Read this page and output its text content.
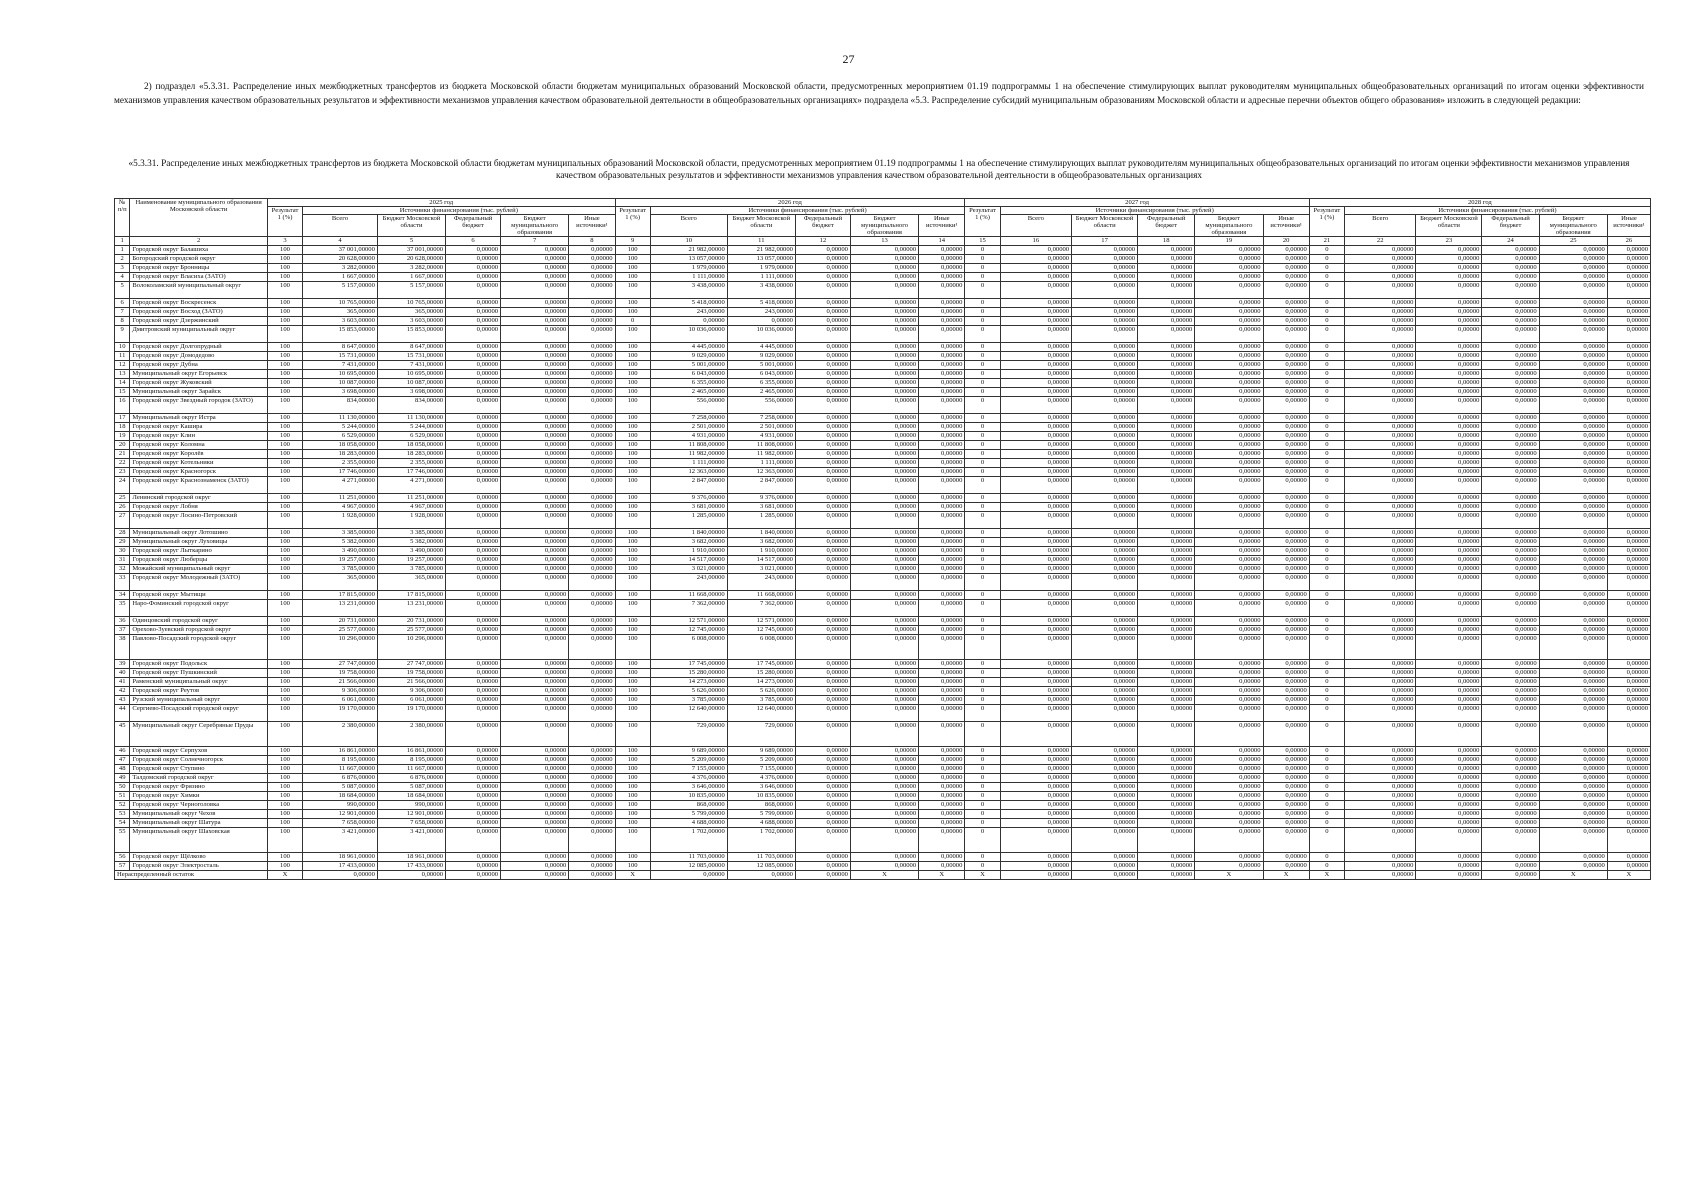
27
2) подраздел «5.3.31. Распределение иных межбюджетных трансфертов из бюджета Московской области бюджетам муниципальных образований Московской области, предусмотренных мероприятием 01.19 подпрограммы 1 на обеспечение стимулирующих выплат руководителям муниципальных общеобразовательных организаций по итогам оценки эффективности механизмов управления качеством образовательных результатов и эффективности механизмов управления качеством образовательной деятельности в общеобразовательных организациях» подраздела «5.3. Распределение субсидий муниципальным образованиям Московской области и адресные перечни объектов общего образования» изложить в следующей редакции:
«5.3.31. Распределение иных межбюджетных трансфертов из бюджета Московской области бюджетам муниципальных образований Московской области, предусмотренных мероприятием 01.19 подпрограммы 1 на обеспечение стимулирующих выплат руководителям муниципальных общеобразовательных организаций по итогам оценки эффективности механизмов управления качеством образовательных результатов и эффективности механизмов управления качеством образовательной деятельности в общеобразовательных организациях
№ п/п	Наименование муниципального образования Московской области	2025 год						2026 год						2027 год						2028 год					
		Результат 1 (%)	Источники финансирования (тыс. рублей)					Результат 1 (%)	Источники финансирования (тыс. рублей)					Результат 1 (%)	Источники финансирования (тыс. рублей)					Результат 1 (%)	Источники финансирования (тыс. рублей)				
			Всего	Бюджет Московской области	Федеральный бюджет	Бюджет муниципального образования	Иные источники¹		Всего	Бюджет Московской области	Федеральный бюджет	Бюджет муниципального образования	Иные источники¹		Всего	Бюджет Московской области	Федеральный бюджет	Бюджет муниципального образования	Иные источники¹		Всего	Бюджет Московской области	Федеральный бюджет	Бюджет муниципального образования	Иные источники¹
1	2	3	4	5	6	7	8	9	10	11	12	13	14	15	16	17	18	19	20	21	22	23	24	25	26
1	Городской округ Балашиха	100	37 001,00000	37 001,00000	0,00000	0,00000	0,00000	100	21 982,00000	21 982,00000	0,00000	0,00000	0,00000	0	0,00000	0,00000	0,00000	0,00000	0,00000	0	0,00000	0,00000	0,00000	0,00000	0,00000
2	Богородский городской округ	100	20 628,00000	20 628,00000	0,00000	0,00000	0,00000	100	13 057,00000	13 057,00000	0,00000	0,00000	0,00000	0	0,00000	0,00000	0,00000	0,00000	0,00000	0	0,00000	0,00000	0,00000	0,00000	0,00000
3	Городской округ Бронницы	100	3 282,00000	3 282,00000	0,00000	0,00000	0,00000	100	1 979,00000	1 979,00000	0,00000	0,00000	0,00000	0	0,00000	0,00000	0,00000	0,00000	0,00000	0	0,00000	0,00000	0,00000	0,00000	0,00000
4	Городской округ Власиха (ЗАТО)	100	1 667,00000	1 667,00000	0,00000	0,00000	0,00000	100	1 111,00000	1 111,00000	0,00000	0,00000	0,00000	0	0,00000	0,00000	0,00000	0,00000	0,00000	0	0,00000	0,00000	0,00000	0,00000	0,00000
5	Волоколамский муниципальный округ	100	5 157,00000	5 157,00000	0,00000	0,00000	0,00000	100	3 438,00000	3 438,00000	0,00000	0,00000	0,00000	0	0,00000	0,00000	0,00000	0,00000	0,00000	0	0,00000	0,00000	0,00000	0,00000	0,00000
6	Городской округ Воскресенск	100	10 765,00000	10 765,00000	0,00000	0,00000	0,00000	100	5 418,00000	5 418,00000	0,00000	0,00000	0,00000	0	0,00000	0,00000	0,00000	0,00000	0,00000	0	0,00000	0,00000	0,00000	0,00000	0,00000
7	Городской округ Восход (ЗАТО)	100	365,00000	365,00000	0,00000	0,00000	0,00000	100	243,00000	243,00000	0,00000	0,00000	0,00000	0	0,00000	0,00000	0,00000	0,00000	0,00000	0	0,00000	0,00000	0,00000	0,00000	0,00000
8	Городской округ Дзержинский	100	3 603,00000	3 603,00000	0,00000	0,00000	0,00000	0	0,00000	0,00000	0,00000	0,00000	0,00000	0	0,00000	0,00000	0,00000	0,00000	0,00000	0	0,00000	0,00000	0,00000	0,00000	0,00000
9	Дмитровский муниципальный округ	100	15 853,00000	15 853,00000	0,00000	0,00000	0,00000	100	10 036,00000	10 036,00000	0,00000	0,00000	0,00000	0	0,00000	0,00000	0,00000	0,00000	0,00000	0	0,00000	0,00000	0,00000	0,00000	0,00000
10	Городской округ Долгопрудный	100	8 647,00000	8 647,00000	0,00000	0,00000	0,00000	100	4 445,00000	4 445,00000	0,00000	0,00000	0,00000	0	0,00000	0,00000	0,00000	0,00000	0,00000	0	0,00000	0,00000	0,00000	0,00000	0,00000
11	Городской округ Домодедово	100	15 731,00000	15 731,00000	0,00000	0,00000	0,00000	100	9 029,00000	9 029,00000	0,00000	0,00000	0,00000	0	0,00000	0,00000	0,00000	0,00000	0,00000	0	0,00000	0,00000	0,00000	0,00000	0,00000
12	Городской округ Дубна	100	7 431,00000	7 431,00000	0,00000	0,00000	0,00000	100	5 001,00000	5 001,00000	0,00000	0,00000	0,00000	0	0,00000	0,00000	0,00000	0,00000	0,00000	0	0,00000	0,00000	0,00000	0,00000	0,00000
13	Муниципальный округ Егорьевск	100	10 695,00000	10 695,00000	0,00000	0,00000	0,00000	100	6 043,00000	6 043,00000	0,00000	0,00000	0,00000	0	0,00000	0,00000	0,00000	0,00000	0,00000	0	0,00000	0,00000	0,00000	0,00000	0,00000
14	Городской округ Жуковский	100	10 087,00000	10 087,00000	0,00000	0,00000	0,00000	100	6 355,00000	6 355,00000	0,00000	0,00000	0,00000	0	0,00000	0,00000	0,00000	0,00000	0,00000	0	0,00000	0,00000	0,00000	0,00000	0,00000
15	Муниципальный округ Зарайск	100	3 698,00000	3 698,00000	0,00000	0,00000	0,00000	100	2 465,00000	2 465,00000	0,00000	0,00000	0,00000	0	0,00000	0,00000	0,00000	0,00000	0,00000	0	0,00000	0,00000	0,00000	0,00000	0,00000
16	Городской округ Звездный городок (ЗАТО)	100	834,00000	834,00000	0,00000	0,00000	0,00000	100	556,00000	556,00000	0,00000	0,00000	0,00000	0	0,00000	0,00000	0,00000	0,00000	0,00000	0	0,00000	0,00000	0,00000	0,00000	0,00000
17	Муниципальный округ Истра	100	11 130,00000	11 130,00000	0,00000	0,00000	0,00000	100	7 258,00000	7 258,00000	0,00000	0,00000	0,00000	0	0,00000	0,00000	0,00000	0,00000	0,00000	0	0,00000	0,00000	0,00000	0,00000	0,00000
18	Городской округ Кашира	100	5 244,00000	5 244,00000	0,00000	0,00000	0,00000	100	2 501,00000	2 501,00000	0,00000	0,00000	0,00000	0	0,00000	0,00000	0,00000	0,00000	0,00000	0	0,00000	0,00000	0,00000	0,00000	0,00000
19	Городской округ Клин	100	6 529,00000	6 529,00000	0,00000	0,00000	0,00000	100	4 931,00000	4 931,00000	0,00000	0,00000	0,00000	0	0,00000	0,00000	0,00000	0,00000	0,00000	0	0,00000	0,00000	0,00000	0,00000	0,00000
20	Городской округ Коломна	100	18 058,00000	18 058,00000	0,00000	0,00000	0,00000	100	11 808,00000	11 808,00000	0,00000	0,00000	0,00000	0	0,00000	0,00000	0,00000	0,00000	0,00000	0	0,00000	0,00000	0,00000	0,00000	0,00000
21	Городской округ Королёв	100	18 283,00000	18 283,00000	0,00000	0,00000	0,00000	100	11 982,00000	11 982,00000	0,00000	0,00000	0,00000	0	0,00000	0,00000	0,00000	0,00000	0,00000	0	0,00000	0,00000	0,00000	0,00000	0,00000
22	Городской округ Котельники	100	2 355,00000	2 355,00000	0,00000	0,00000	0,00000	100	1 111,00000	1 111,00000	0,00000	0,00000	0,00000	0	0,00000	0,00000	0,00000	0,00000	0,00000	0	0,00000	0,00000	0,00000	0,00000	0,00000
23	Городской округ Красногорск	100	17 746,00000	17 746,00000	0,00000	0,00000	0,00000	100	12 363,00000	12 363,00000	0,00000	0,00000	0,00000	0	0,00000	0,00000	0,00000	0,00000	0,00000	0	0,00000	0,00000	0,00000	0,00000	0,00000
24	Городской округ Краснознаменск (ЗАТО)	100	4 271,00000	4 271,00000	0,00000	0,00000	0,00000	100	2 847,00000	2 847,00000	0,00000	0,00000	0,00000	0	0,00000	0,00000	0,00000	0,00000	0,00000	0	0,00000	0,00000	0,00000	0,00000	0,00000
25	Ленинский городской округ	100	11 251,00000	11 251,00000	0,00000	0,00000	0,00000	100	9 376,00000	9 376,00000	0,00000	0,00000	0,00000	0	0,00000	0,00000	0,00000	0,00000	0,00000	0	0,00000	0,00000	0,00000	0,00000	0,00000
26	Городской округ Лобня	100	4 967,00000	4 967,00000	0,00000	0,00000	0,00000	100	3 681,00000	3 681,00000	0,00000	0,00000	0,00000	0	0,00000	0,00000	0,00000	0,00000	0,00000	0	0,00000	0,00000	0,00000	0,00000	0,00000
27	Городской округ Лосино-Петровский	100	1 928,00000	1 928,00000	0,00000	0,00000	0,00000	100	1 285,00000	1 285,00000	0,00000	0,00000	0,00000	0	0,00000	0,00000	0,00000	0,00000	0,00000	0	0,00000	0,00000	0,00000	0,00000	0,00000
28	Муниципальный округ Лотошино	100	3 385,00000	3 385,00000	0,00000	0,00000	0,00000	100	1 840,00000	1 840,00000	0,00000	0,00000	0,00000	0	0,00000	0,00000	0,00000	0,00000	0,00000	0	0,00000	0,00000	0,00000	0,00000	0,00000
29	Муниципальный округ Луховицы	100	5 382,00000	5 382,00000	0,00000	0,00000	0,00000	100	3 682,00000	3 682,00000	0,00000	0,00000	0,00000	0	0,00000	0,00000	0,00000	0,00000	0,00000	0	0,00000	0,00000	0,00000	0,00000	0,00000
30	Городской округ Лыткарино	100	3 490,00000	3 490,00000	0,00000	0,00000	0,00000	100	1 910,00000	1 910,00000	0,00000	0,00000	0,00000	0	0,00000	0,00000	0,00000	0,00000	0,00000	0	0,00000	0,00000	0,00000	0,00000	0,00000
31	Городской округ Люберцы	100	19 257,00000	19 257,00000	0,00000	0,00000	0,00000	100	14 517,00000	14 517,00000	0,00000	0,00000	0,00000	0	0,00000	0,00000	0,00000	0,00000	0,00000	0	0,00000	0,00000	0,00000	0,00000	0,00000
32	Можайский муниципальный округ	100	3 785,00000	3 785,00000	0,00000	0,00000	0,00000	100	3 021,00000	3 021,00000	0,00000	0,00000	0,00000	0	0,00000	0,00000	0,00000	0,00000	0,00000	0	0,00000	0,00000	0,00000	0,00000	0,00000
33	Городской округ Молодежный (ЗАТО)	100	365,00000	365,00000	0,00000	0,00000	0,00000	100	243,00000	243,00000	0,00000	0,00000	0,00000	0	0,00000	0,00000	0,00000	0,00000	0,00000	0	0,00000	0,00000	0,00000	0,00000	0,00000
34	Городской округ Мытищи	100	17 815,00000	17 815,00000	0,00000	0,00000	0,00000	100	11 668,00000	11 668,00000	0,00000	0,00000	0,00000	0	0,00000	0,00000	0,00000	0,00000	0,00000	0	0,00000	0,00000	0,00000	0,00000	0,00000
35	Наро-Фоминский городской округ	100	13 231,00000	13 231,00000	0,00000	0,00000	0,00000	100	7 362,00000	7 362,00000	0,00000	0,00000	0,00000	0	0,00000	0,00000	0,00000	0,00000	0,00000	0	0,00000	0,00000	0,00000	0,00000	0,00000
36	Одинцовский городской округ	100	20 731,00000	20 731,00000	0,00000	0,00000	0,00000	100	12 571,00000	12 571,00000	0,00000	0,00000	0,00000	0	0,00000	0,00000	0,00000	0,00000	0,00000	0	0,00000	0,00000	0,00000	0,00000	0,00000
37	Орехово-Зуевский городской округ	100	25 577,00000	25 577,00000	0,00000	0,00000	0,00000	100	12 745,00000	12 745,00000	0,00000	0,00000	0,00000	0	0,00000	0,00000	0,00000	0,00000	0,00000	0	0,00000	0,00000	0,00000	0,00000	0,00000
38	Павлово-Посадский городской округ	100	10 296,00000	10 296,00000	0,00000	0,00000	0,00000	100	6 008,00000	6 008,00000	0,00000	0,00000	0,00000	0	0,00000	0,00000	0,00000	0,00000	0,00000	0	0,00000	0,00000	0,00000	0,00000	0,00000
39	Городской округ Подольск	100	27 747,00000	27 747,00000	0,00000	0,00000	0,00000	100	17 745,00000	17 745,00000	0,00000	0,00000	0,00000	0	0,00000	0,00000	0,00000	0,00000	0,00000	0	0,00000	0,00000	0,00000	0,00000	0,00000
40	Городской округ Пушкинский	100	19 758,00000	19 758,00000	0,00000	0,00000	0,00000	100	15 280,00000	15 280,00000	0,00000	0,00000	0,00000	0	0,00000	0,00000	0,00000	0,00000	0,00000	0	0,00000	0,00000	0,00000	0,00000	0,00000
41	Раменский муниципальный округ	100	21 566,00000	21 566,00000	0,00000	0,00000	0,00000	100	14 273,00000	14 273,00000	0,00000	0,00000	0,00000	0	0,00000	0,00000	0,00000	0,00000	0,00000	0	0,00000	0,00000	0,00000	0,00000	0,00000
42	Городской округ Реутов	100	9 306,00000	9 306,00000	0,00000	0,00000	0,00000	100	5 626,00000	5 626,00000	0,00000	0,00000	0,00000	0	0,00000	0,00000	0,00000	0,00000	0,00000	0	0,00000	0,00000	0,00000	0,00000	0,00000
43	Рузский муниципальный округ	100	6 061,00000	6 061,00000	0,00000	0,00000	0,00000	100	3 785,00000	3 785,00000	0,00000	0,00000	0,00000	0	0,00000	0,00000	0,00000	0,00000	0,00000	0	0,00000	0,00000	0,00000	0,00000	0,00000
44	Сергиево-Посадский городской округ	100	19 170,00000	19 170,00000	0,00000	0,00000	0,00000	100	12 640,00000	12 640,00000	0,00000	0,00000	0,00000	0	0,00000	0,00000	0,00000	0,00000	0,00000	0	0,00000	0,00000	0,00000	0,00000	0,00000
45	Муниципальный округ Серебряные Пруды	100	2 380,00000	2 380,00000	0,00000	0,00000	0,00000	100	729,00000	729,00000	0,00000	0,00000	0,00000	0	0,00000	0,00000	0,00000	0,00000	0,00000	0	0,00000	0,00000	0,00000	0,00000	0,00000
46	Городской округ Серпухов	100	16 861,00000	16 861,00000	0,00000	0,00000	0,00000	100	9 689,00000	9 689,00000	0,00000	0,00000	0,00000	0	0,00000	0,00000	0,00000	0,00000	0,00000	0	0,00000	0,00000	0,00000	0,00000	0,00000
47	Городской округ Солнечногорск	100	8 195,00000	8 195,00000	0,00000	0,00000	0,00000	100	5 209,00000	5 209,00000	0,00000	0,00000	0,00000	0	0,00000	0,00000	0,00000	0,00000	0,00000	0	0,00000	0,00000	0,00000	0,00000	0,00000
48	Городской округ Ступино	100	11 667,00000	11 667,00000	0,00000	0,00000	0,00000	100	7 155,00000	7 155,00000	0,00000	0,00000	0,00000	0	0,00000	0,00000	0,00000	0,00000	0,00000	0	0,00000	0,00000	0,00000	0,00000	0,00000
49	Талдомский городской округ	100	6 876,00000	6 876,00000	0,00000	0,00000	0,00000	100	4 376,00000	4 376,00000	0,00000	0,00000	0,00000	0	0,00000	0,00000	0,00000	0,00000	0,00000	0	0,00000	0,00000	0,00000	0,00000	0,00000
50	Городской округ Фрязино	100	5 087,00000	5 087,00000	0,00000	0,00000	0,00000	100	3 646,00000	3 646,00000	0,00000	0,00000	0,00000	0	0,00000	0,00000	0,00000	0,00000	0,00000	0	0,00000	0,00000	0,00000	0,00000	0,00000
51	Городской округ Химки	100	18 684,00000	18 684,00000	0,00000	0,00000	0,00000	100	10 835,00000	10 835,00000	0,00000	0,00000	0,00000	0	0,00000	0,00000	0,00000	0,00000	0,00000	0	0,00000	0,00000	0,00000	0,00000	0,00000
52	Городской округ Черноголовка	100	990,00000	990,00000	0,00000	0,00000	0,00000	100	868,00000	868,00000	0,00000	0,00000	0,00000	0	0,00000	0,00000	0,00000	0,00000	0,00000	0	0,00000	0,00000	0,00000	0,00000	0,00000
53	Муниципальный округ Чехов	100	12 901,00000	12 901,00000	0,00000	0,00000	0,00000	100	5 799,00000	5 799,00000	0,00000	0,00000	0,00000	0	0,00000	0,00000	0,00000	0,00000	0,00000	0	0,00000	0,00000	0,00000	0,00000	0,00000
54	Муниципальный округ Шатура	100	7 658,00000	7 658,00000	0,00000	0,00000	0,00000	100	4 688,00000	4 688,00000	0,00000	0,00000	0,00000	0	0,00000	0,00000	0,00000	0,00000	0,00000	0	0,00000	0,00000	0,00000	0,00000	0,00000
55	Муниципальный округ Шаховская	100	3 421,00000	3 421,00000	0,00000	0,00000	0,00000	100	1 702,00000	1 702,00000	0,00000	0,00000	0,00000	0	0,00000	0,00000	0,00000	0,00000	0,00000	0	0,00000	0,00000	0,00000	0,00000	0,00000
56	Городской округ Щёлково	100	18 961,00000	18 961,00000	0,00000	0,00000	0,00000	100	11 703,00000	11 703,00000	0,00000	0,00000	0,00000	0	0,00000	0,00000	0,00000	0,00000	0,00000	0	0,00000	0,00000	0,00000	0,00000	0,00000
57	Городской округ Электросталь	100	17 433,00000	17 433,00000	0,00000	0,00000	0,00000	100	12 085,00000	12 085,00000	0,00000	0,00000	0,00000	0	0,00000	0,00000	0,00000	0,00000	0,00000	0	0,00000	0,00000	0,00000	0,00000	0,00000
Нераспределенный остаток		X	0,00000	0,00000	0,00000	0,00000	0,00000	X	0,00000	0,00000	0,00000	X	X	X	0,00000	0,00000	0,00000	X	X	X	0,00000	0,00000	0,00000	X	X
